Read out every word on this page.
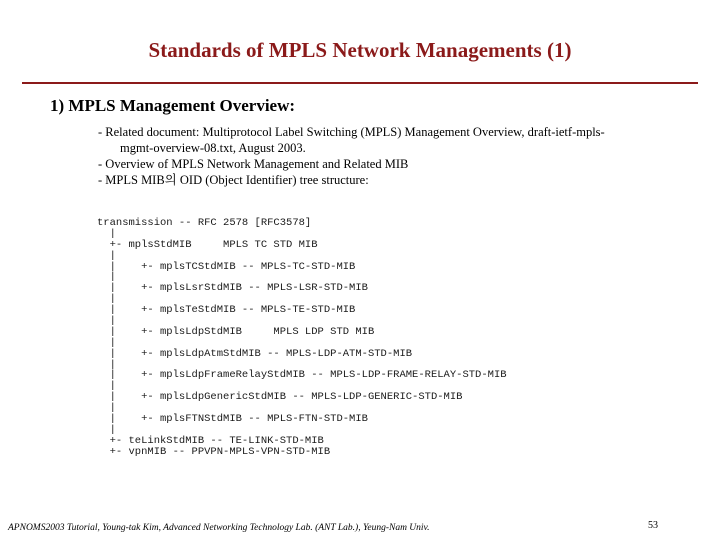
Standards of MPLS Network Managements (1)
1) MPLS Management Overview:
- Related document: Multiprotocol Label Switching (MPLS) Management Overview, draft-ietf-mpls-
mgmt-overview-08.txt, August 2003.
- Overview of MPLS Network Management and Related MIB
- MPLS MIB의 OID (Object Identifier) tree structure:
transmission -- RFC 2578 [RFC3578]
|
+- mplsStdMIB     MPLS TC STD MIB
|
|    +- mplsTCStdMIB -- MPLS-TC-STD-MIB
|
|    +- mplsLsrStdMIB -- MPLS-LSR-STD-MIB
|
|    +- mplsTeStdMIB -- MPLS-TE-STD-MIB
|
|    +- mplsLdpStdMIB     MPLS LDP STD MIB
|
|    +- mplsLdpAtmStdMIB -- MPLS-LDP-ATM-STD-MIB
|
|    +- mplsLdpFrameRelayStdMIB -- MPLS-LDP-FRAME-RELAY-STD-MIB
|
|    +- mplsLdpGenericStdMIB -- MPLS-LDP-GENERIC-STD-MIB
|
|    +- mplsFTNStdMIB -- MPLS-FTN-STD-MIB
|
+- teLinkStdMIB -- TE-LINK-STD-MIB
+- vpnMIB -- PPVPN-MPLS-VPN-STD-MIB
APNOMS2003 Tutorial, Young-tak Kim, Advanced Networking Technology Lab. (ANT Lab.), Yeung-Nam Univ.	53
